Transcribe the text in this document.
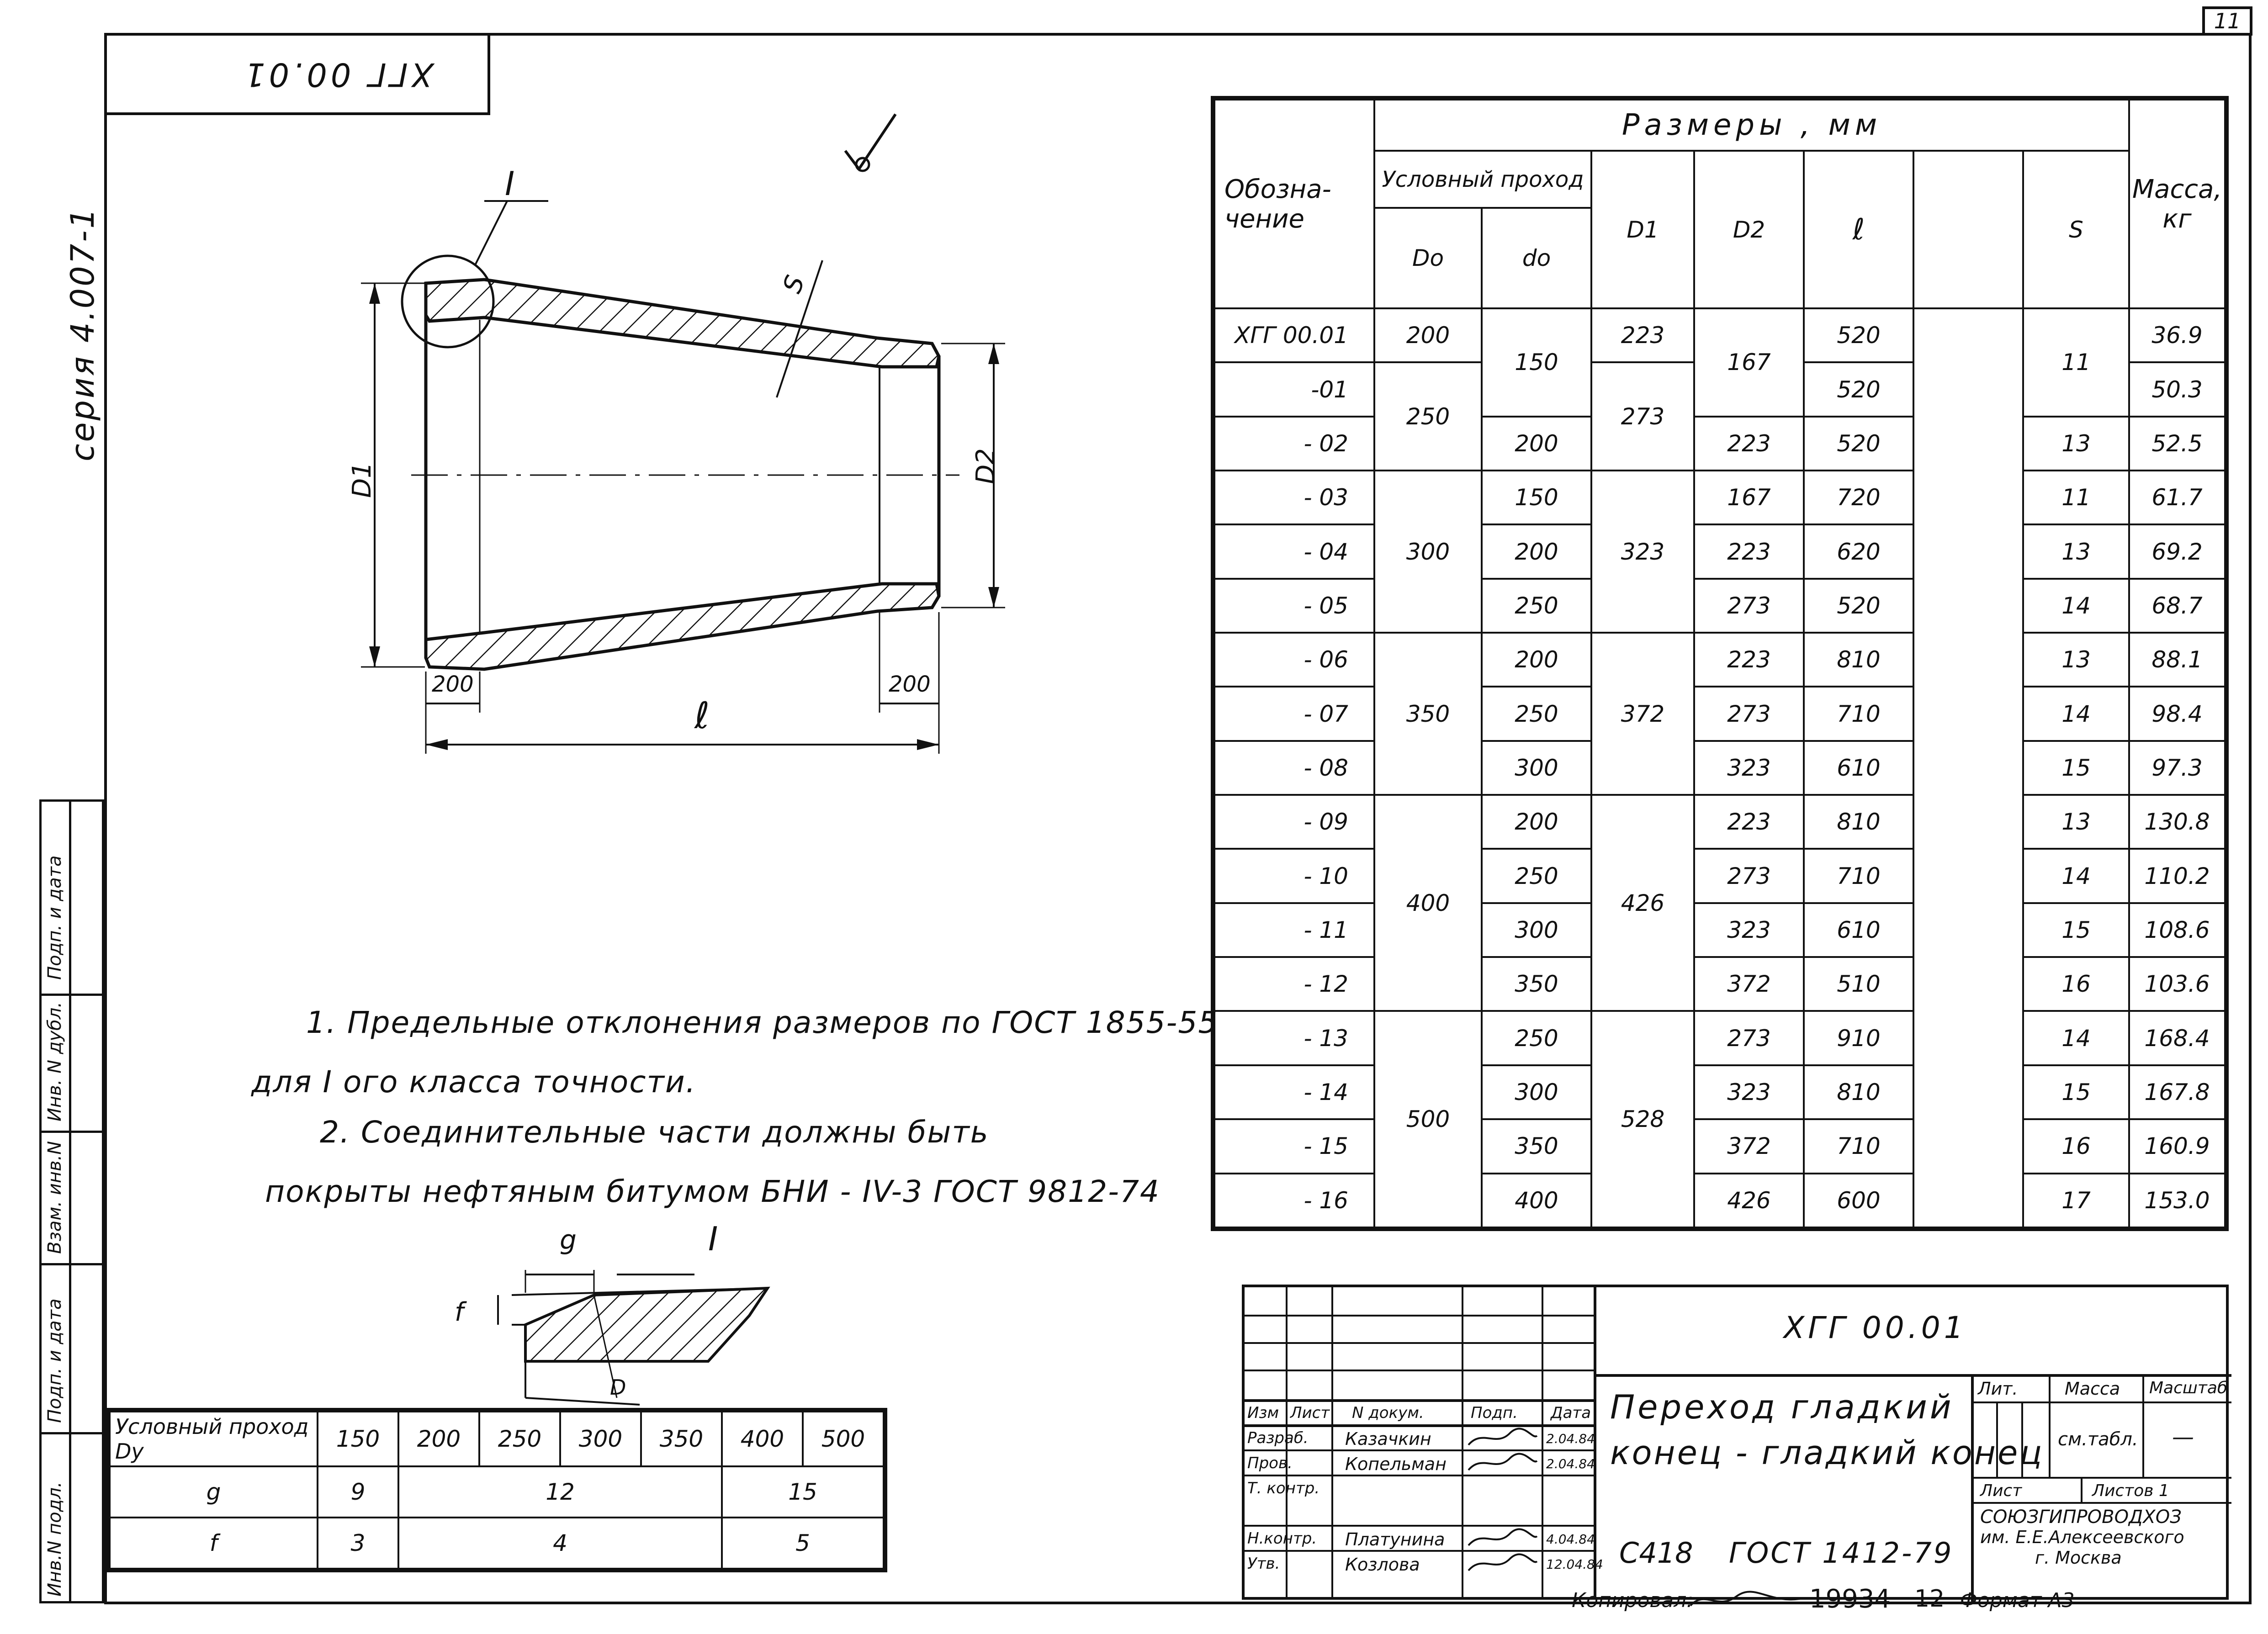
11
ХГГ 00.01
серия 4.007-1
Подп. и дата
Инв. N дубл.
Взам. инв.N
Подп. и дата
Инв.N подл.
I
S
D1	D2
200	200
ℓ
1. Предельные отклонения размеров по ГОСТ 1855-55
для I ого класса точности.
2. Соединительные части должны быть
покрыты нефтяным битумом БНИ - IV-3 ГОСТ 9812-74
g	I
f
D
Условный проход Dу	150	200	250	300	350	400	500
g	9	12				15	
f	3	4				5	
Обозна-чение	Размеры , мм							Масса, кг
	Условный проход		D1	D2	ℓ		S	
	Dо	dо						
ХГГ 00.01	200	150	223	167	520		11	36.9
-01	250		273		520			50.3
- 02		200		223	520		13	52.5
- 03	300	150	323	167	720		11	61.7
- 04		200		223	620		13	69.2
- 05		250		273	520		14	68.7
- 06	350	200	372	223	810		13	88.1
- 07		250		273	710		14	98.4
- 08		300		323	610		15	97.3
- 09	400	200	426	223	810		13	130.8
- 10		250		273	710		14	110.2
- 11		300		323	610		15	108.6
- 12		350		372	510		16	103.6
- 13	500	250	528	273	910		14	168.4
- 14		300		323	810		15	167.8
- 15		350		372	710		16	160.9
- 16		400		426	600		17	153.0
ХГГ 00.01
Переход гладкий
конец - гладкий конец
С418 ГОСТ 1412-79
Изм Лист N докум.	Подп. Дата
Разраб. Казачкин	2.04.84
Пров.	Копельман	2.04.84
Т. контр.
Н.контр. Платунина	4.04.84
Утв.	Козлова	12.04.84
Лит.	Масса Масштаб
см.табл. —
Лист	Листов 1
СОЮЗГИПРОВОДХОЗ
им. Е.Е.Алексеевского
г. Москва
Копировал:	19934 12 Формат А3
